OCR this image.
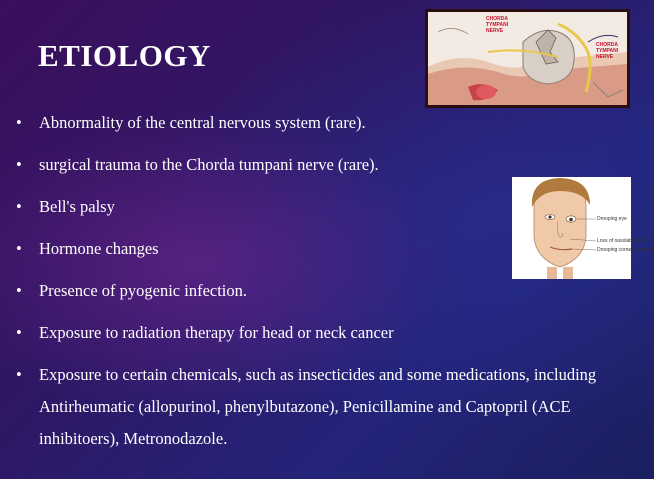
ETIOLOGY
• Abnormality of the central nervous system (rare).
• surgical trauma to the Chorda tumpani nerve (rare).
• Bell's palsy
• Hormone changes
• Presence of pyogenic infection.
• Exposure to radiation therapy for head or neck cancer
• Exposure to certain chemicals, such as insecticides and some medications, including Antirheumatic (allopurinol, phenylbutazone), Penicillamine and Captopril (ACE inhibitoers), Metronodazole.
CHORDA TYMPANI NERVE
CHORDA TYMPANI NERVE
Drooping eye
Loss of nasolabial fold
Drooping corner of mouth
